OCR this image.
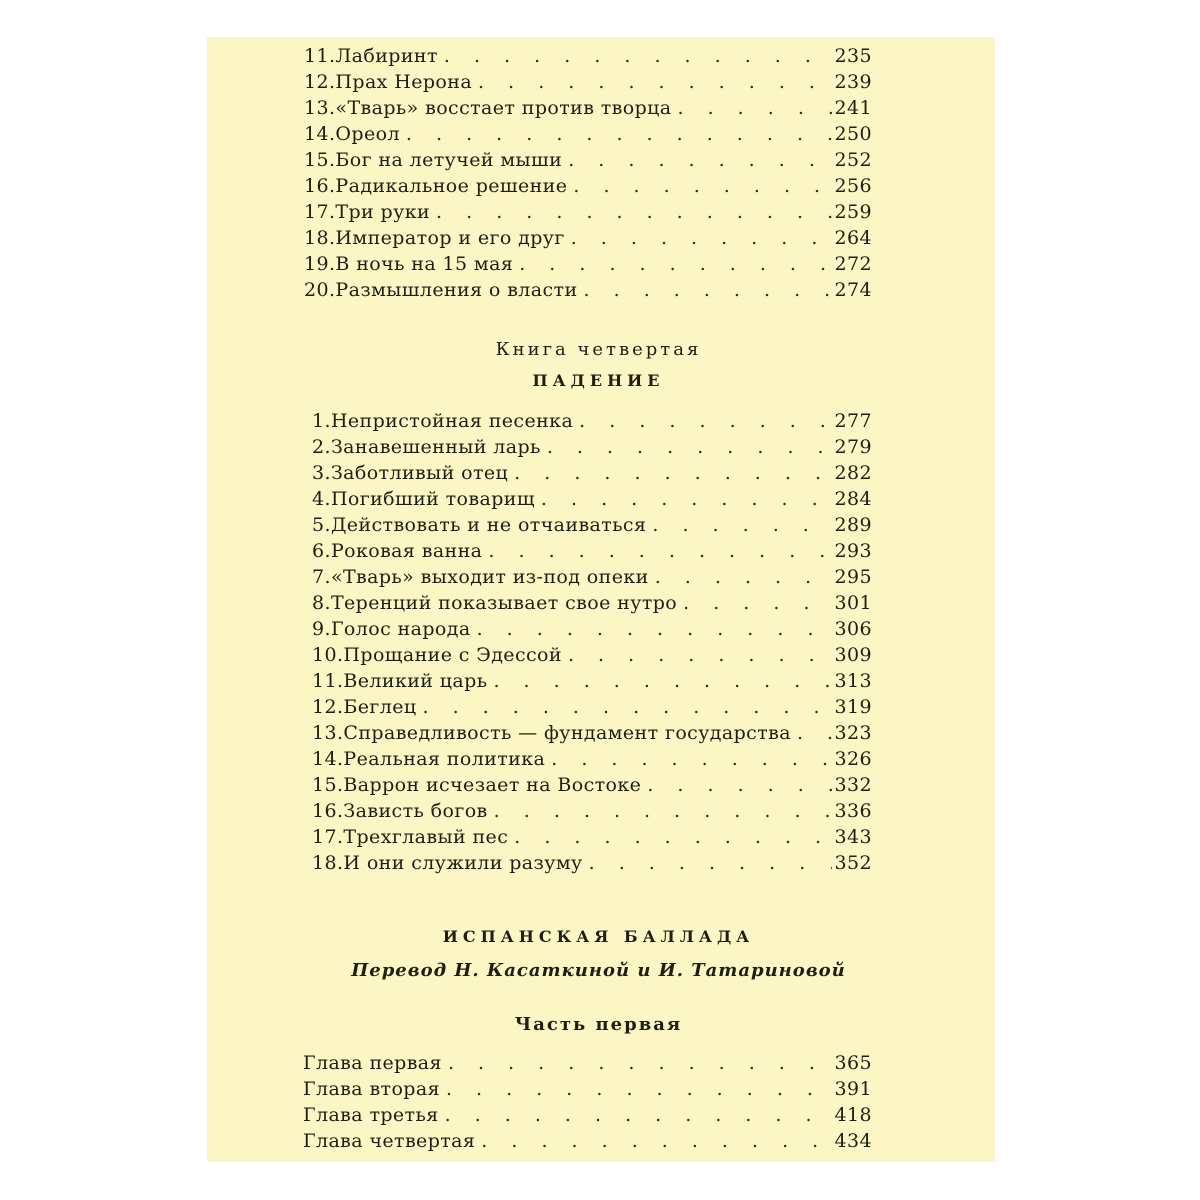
11. Лабиринт . . .	235
12. Прах Нерона . . .	239
13. «Тварь» восстает против творца . . .	241
14. Ореол . . .	250
15. Бог на летучей мыши . . .	252
16. Радикальное решение . . .	256
17. Три руки . . .	259
18. Император и его друг . . .	264
19. В ночь на 15 мая . . .	272
20. Размышления о власти . . .	274
Книга четвертая
ПАДЕНИЕ
1. Непристойная песенка . . .	277
2. Занавешенный ларь . . .	279
3. Заботливый отец . . .	282
4. Погибший товарищ . . .	284
5. Действовать и не отчаиваться . . .	289
6. Роковая ванна . . .	293
7. «Тварь» выходит из-под опеки . . .	295
8. Теренций показывает свое нутро . . .	301
9. Голос народа . . .	306
10. Прощание с Эдессой . . .	309
11. Великий царь . . .	313
12. Беглец . . .	319
13. Справедливость — фундамент государства . . .	323
14. Реальная политика . . .	326
15. Варрон исчезает на Востоке . . .	332
16. Зависть богов . . .	336
17. Трехглавый пес . . .	343
18. И они служили разуму . . .	352
ИСПАНСКАЯ БАЛЛАДА
Перевод Н. Касаткиной и И. Татариновой
Часть первая
Глава первая . . .	365
Глава вторая . . .	391
Глава третья . . .	418
Глава четвертая . . .	434
